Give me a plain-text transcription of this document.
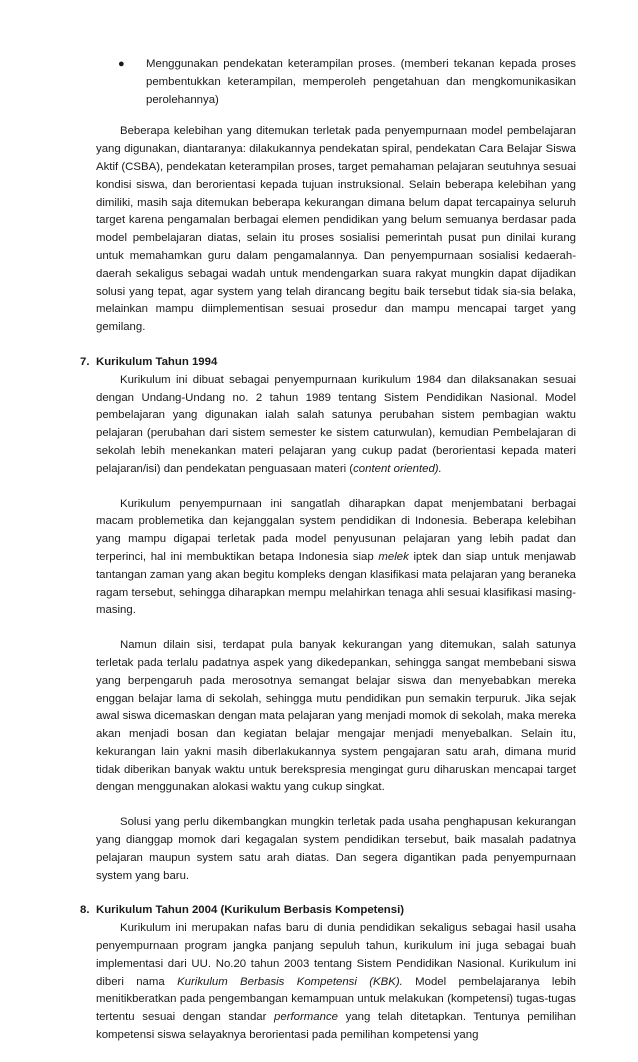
● Menggunakan pendekatan keterampilan proses. (memberi tekanan kepada proses pembentukkan keterampilan, memperoleh pengetahuan dan mengkomunikasikan perolehannya)

Beberapa kelebihan yang ditemukan terletak pada penyempurnaan model pembelajaran yang digunakan, diantaranya: dilakukannya pendekatan spiral, pendekatan Cara Belajar Siswa Aktif (CSBA), pendekatan keterampilan proses, target pemahaman pelajaran seutuhnya sesuai kondisi siswa, dan berorientasi kepada tujuan instruksional. Selain beberapa kelebihan yang dimiliki, masih saja ditemukan beberapa kekurangan dimana belum dapat tercapainya seluruh target karena pengamalan berbagai elemen pendidikan yang belum semuanya berdasar pada model pembelajaran diatas, selain itu proses sosialisi pemerintah pusat pun dinilai kurang untuk memahamkan guru dalam pengamalannya. Dan penyempurnaan sosialisi kedaerah-daerah sekaligus sebagai wadah untuk mendengarkan suara rakyat mungkin dapat dijadikan solusi yang tepat, agar system yang telah dirancang begitu baik tersebut tidak sia-sia belaka, melainkan mampu diimplementisan sesuai prosedur dan mampu mencapai target yang gemilang.

7. Kurikulum Tahun 1994

Kurikulum ini dibuat sebagai penyempurnaan kurikulum 1984 dan dilaksanakan sesuai dengan Undang-Undang no. 2 tahun 1989 tentang Sistem Pendidikan Nasional. Model pembelajaran yang digunakan ialah salah satunya perubahan sistem pembagian waktu pelajaran (perubahan dari sistem semester ke sistem caturwulan), kemudian Pembelajaran di sekolah lebih menekankan materi pelajaran yang cukup padat (berorientasi kepada materi pelajaran/isi) dan pendekatan penguasaan materi (content oriented).

Kurikulum penyempurnaan ini sangatlah diharapkan dapat menjembatani berbagai macam problemetika dan kejanggalan system pendidikan di Indonesia. Beberapa kelebihan yang mampu digapai terletak pada model penyusunan pelajaran yang lebih padat dan terperinci, hal ini membuktikan betapa Indonesia siap melek iptek dan siap untuk menjawab tantangan zaman yang akan begitu kompleks dengan klasifikasi mata pelajaran yang beraneka ragam tersebut, sehingga diharapkan mempu melahirkan tenaga ahli sesuai klasifikasi masing-masing.

Namun dilain sisi, terdapat pula banyak kekurangan yang ditemukan, salah satunya terletak pada terlalu padatnya aspek yang dikedepankan, sehingga sangat membebani siswa yang berpengaruh pada merosotnya semangat belajar siswa dan menyebabkan mereka enggan belajar lama di sekolah, sehingga mutu pendidikan pun semakin terpuruk. Jika sejak awal siswa dicemaskan dengan mata pelajaran yang menjadi momok di sekolah, maka mereka akan menjadi bosan dan kegiatan belajar mengajar menjadi menyebalkan. Selain itu, kekurangan lain yakni masih diberlakukannya system pengajaran satu arah, dimana murid tidak diberikan banyak waktu untuk berekspresia mengingat guru diharuskan mencapai target dengan menggunakan alokasi waktu yang cukup singkat.

Solusi yang perlu dikembangkan mungkin terletak pada usaha penghapusan kekurangan yang dianggap momok dari kegagalan system pendidikan tersebut, baik masalah padatnya pelajaran maupun system satu arah diatas. Dan segera digantikan pada penyempurnaan system yang baru.

8. Kurikulum Tahun 2004 (Kurikulum Berbasis Kompetensi)

Kurikulum ini merupakan nafas baru di dunia pendidikan sekaligus sebagai hasil usaha penyempurnaan program jangka panjang sepuluh tahun, kurikulum ini juga sebagai buah implementasi dari UU. No.20 tahun 2003 tentang Sistem Pendidikan Nasional. Kurikulum ini diberi nama Kurikulum Berbasis Kompetensi (KBK). Model pembelajaranya lebih menitikberatkan pada pengembangan kemampuan untuk melakukan (kompetensi) tugas-tugas tertentu sesuai dengan standar performance yang telah ditetapkan. Tentunya pemilihan kompetensi siswa selayaknya berorientasi pada pemilihan kompetensi yang
